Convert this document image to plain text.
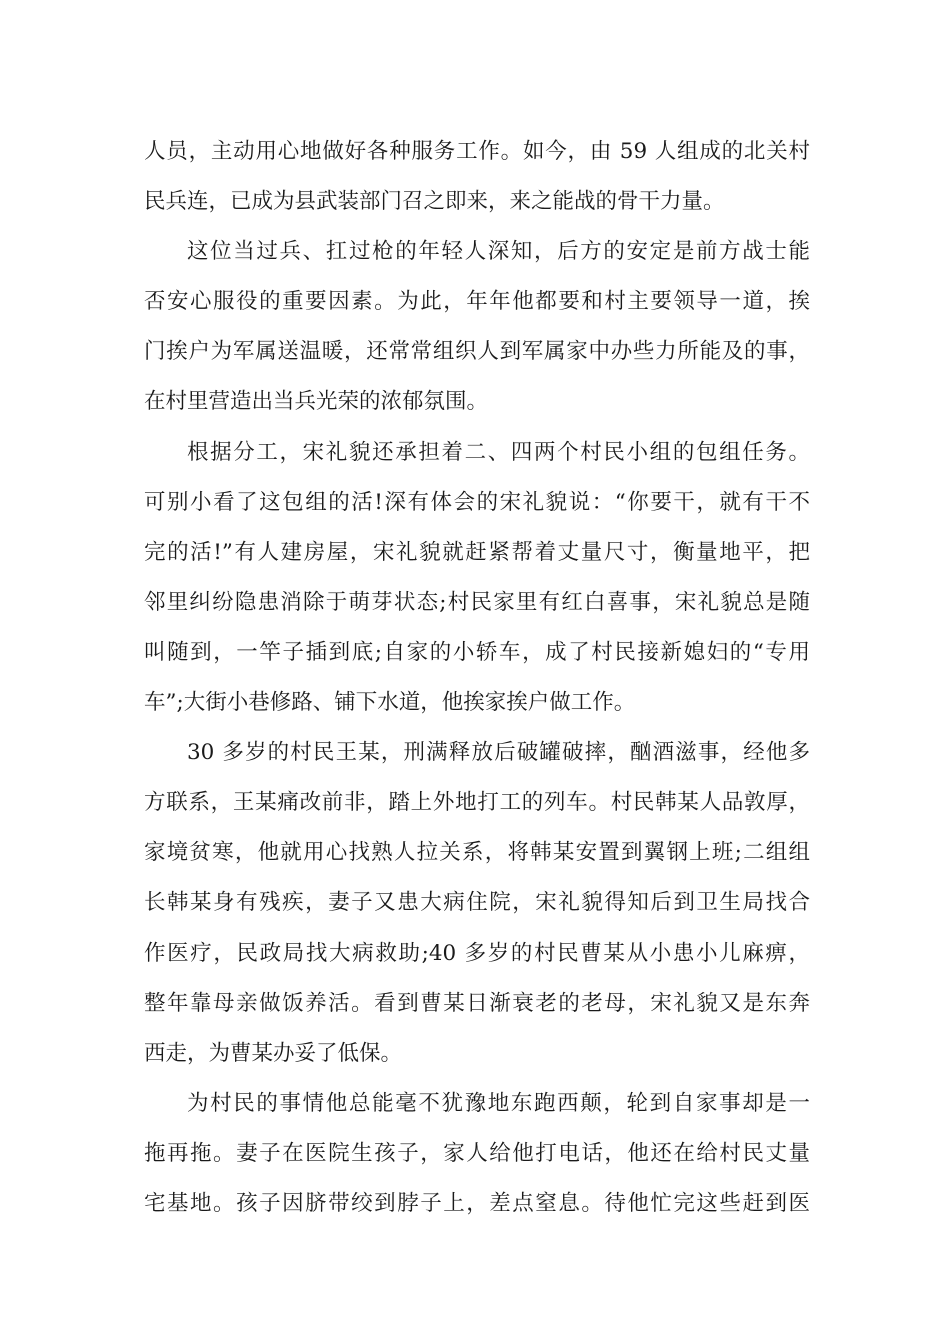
人员，主动用心地做好各种服务工作。如今，由 59 人组成的北关村
民兵连，已成为县武装部门召之即来，来之能战的骨干力量。
这位当过兵、扛过枪的年轻人深知，后方的安定是前方战士能
否安心服役的重要因素。为此，年年他都要和村主要领导一道，挨
门挨户为军属送温暖，还常常组织人到军属家中办些力所能及的事，
在村里营造出当兵光荣的浓郁氛围。
根据分工，宋礼貌还承担着二、四两个村民小组的包组任务。
可别小看了这包组的活!深有体会的宋礼貌说：“你要干，就有干不
完的活!”有人建房屋，宋礼貌就赶紧帮着丈量尺寸，衡量地平，把
邻里纠纷隐患消除于萌芽状态;村民家里有红白喜事，宋礼貌总是随
叫随到，一竿子插到底;自家的小轿车，成了村民接新媳妇的“专用
车”;大街小巷修路、铺下水道，他挨家挨户做工作。
30 多岁的村民王某，刑满释放后破罐破摔，酗酒滋事，经他多
方联系，王某痛改前非，踏上外地打工的列车。村民韩某人品敦厚，
家境贫寒，他就用心找熟人拉关系，将韩某安置到翼钢上班;二组组
长韩某身有残疾，妻子又患大病住院，宋礼貌得知后到卫生局找合
作医疗，民政局找大病救助;40 多岁的村民曹某从小患小儿麻痹，
整年靠母亲做饭养活。看到曹某日渐衰老的老母，宋礼貌又是东奔
西走，为曹某办妥了低保。
为村民的事情他总能毫不犹豫地东跑西颠，轮到自家事却是一
拖再拖。妻子在医院生孩子，家人给他打电话，他还在给村民丈量
宅基地。孩子因脐带绞到脖子上，差点窒息。待他忙完这些赶到医
